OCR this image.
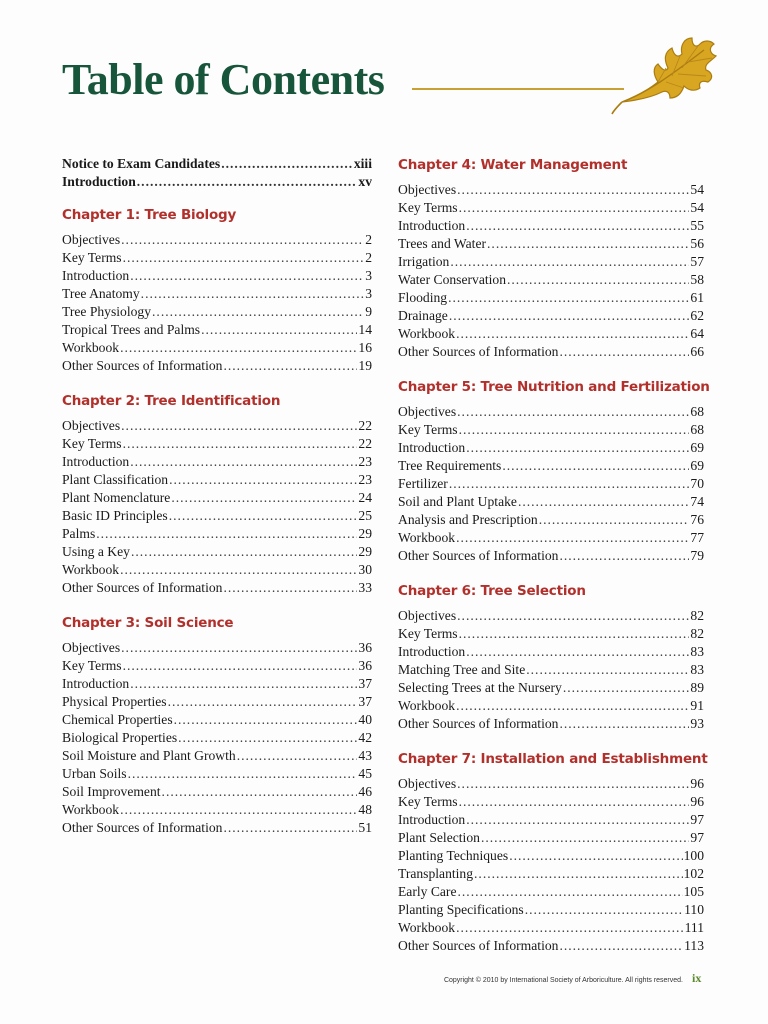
Table of Contents
Notice to Exam Candidates .....	xiii
Introduction .....	xv
Chapter 1: Tree Biology
Objectives .....	2
Key Terms .....	2
Introduction .....	3
Tree Anatomy .....	3
Tree Physiology .....	9
Tropical Trees and Palms .....	14
Workbook .....	16
Other Sources of Information .....	19
Chapter 2: Tree Identification
Objectives .....	22
Key Terms .....	22
Introduction .....	23
Plant Classification .....	23
Plant Nomenclature .....	24
Basic ID Principles .....	25
Palms .....	29
Using a Key .....	29
Workbook .....	30
Other Sources of Information .....	33
Chapter 3: Soil Science
Objectives .....	36
Key Terms .....	36
Introduction .....	37
Physical Properties .....	37
Chemical Properties .....	40
Biological Properties .....	42
Soil Moisture and Plant Growth .....	43
Urban Soils .....	45
Soil Improvement .....	46
Workbook .....	48
Other Sources of Information .....	51
Chapter 4: Water Management
Objectives .....	54
Key Terms .....	54
Introduction .....	55
Trees and Water .....	56
Irrigation .....	57
Water Conservation .....	58
Flooding .....	61
Drainage .....	62
Workbook .....	64
Other Sources of Information .....	66
Chapter 5: Tree Nutrition and Fertilization
Objectives .....	68
Key Terms .....	68
Introduction .....	69
Tree Requirements .....	69
Fertilizer .....	70
Soil and Plant Uptake .....	74
Analysis and Prescription .....	76
Workbook .....	77
Other Sources of Information .....	79
Chapter 6: Tree Selection
Objectives .....	82
Key Terms .....	82
Introduction .....	83
Matching Tree and Site .....	83
Selecting Trees at the Nursery .....	89
Workbook .....	91
Other Sources of Information .....	93
Chapter 7: Installation and Establishment
Objectives .....	96
Key Terms .....	96
Introduction .....	97
Plant Selection .....	97
Planting Techniques .....	100
Transplanting .....	102
Early Care .....	105
Planting Specifications .....	110
Workbook .....	111
Other Sources of Information .....	113
Copyright © 2010 by International Society of Arboriculture. All rights reserved. ix
